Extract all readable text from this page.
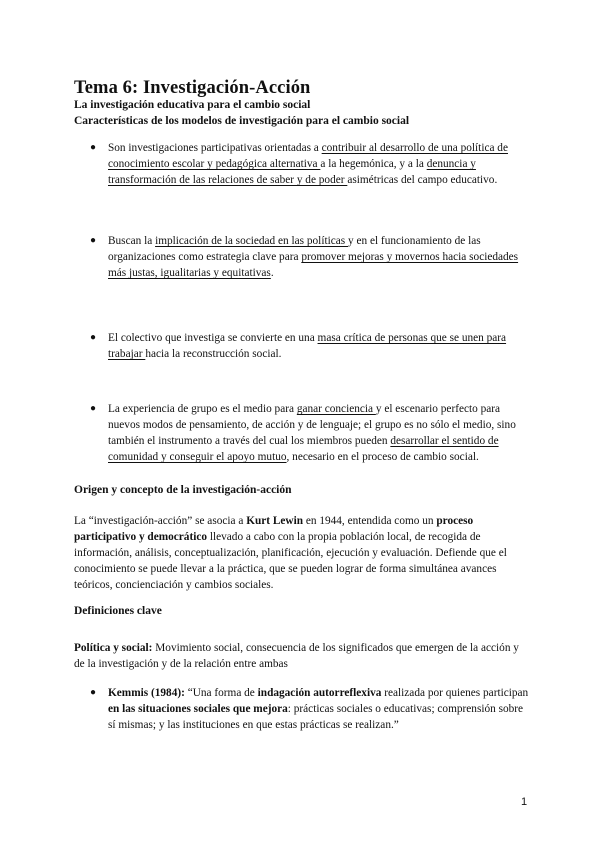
Tema 6: Investigación-Acción

La investigación educativa para el cambio social

Características de los modelos de investigación para el cambio social

● Son investigaciones participativas orientadas a contribuir al desarrollo de una política de conocimiento escolar y pedagógica alternativa a la hegemónica, y a la denuncia y transformación de las relaciones de saber y de poder asimétricas del campo educativo.
● Buscan la implicación de la sociedad en las políticas y en el funcionamiento de las organizaciones como estrategia clave para promover mejoras y movernos hacia sociedades más justas, igualitarias y equitativas.
● El colectivo que investiga se convierte en una masa crítica de personas que se unen para trabajar hacia la reconstrucción social.
● La experiencia de grupo es el medio para ganar conciencia y el escenario perfecto para nuevos modos de pensamiento, de acción y de lenguaje; el grupo es no sólo el medio, sino también el instrumento a través del cual los miembros pueden desarrollar el sentido de comunidad y conseguir el apoyo mutuo, necesario en el proceso de cambio social.

Origen y concepto de la investigación-acción

La “investigación-acción” se asocia a Kurt Lewin en 1944, entendida como un proceso participativo y democrático llevado a cabo con la propia población local, de recogida de información, análisis, conceptualización, planificación, ejecución y evaluación. Defiende que el conocimiento se puede llevar a la práctica, que se pueden lograr de forma simultánea avances teóricos, concienciación y cambios sociales.

Definiciones clave

Política y social: Movimiento social, consecuencia de los significados que emergen de la acción y de la investigación y de la relación entre ambas
● Kemmis (1984): “Una forma de indagación autorreflexiva realizada por quienes participan en las situaciones sociales que mejora: prácticas sociales o educativas; comprensión sobre sí mismas; y las instituciones en que estas prácticas se realizan.”
1
